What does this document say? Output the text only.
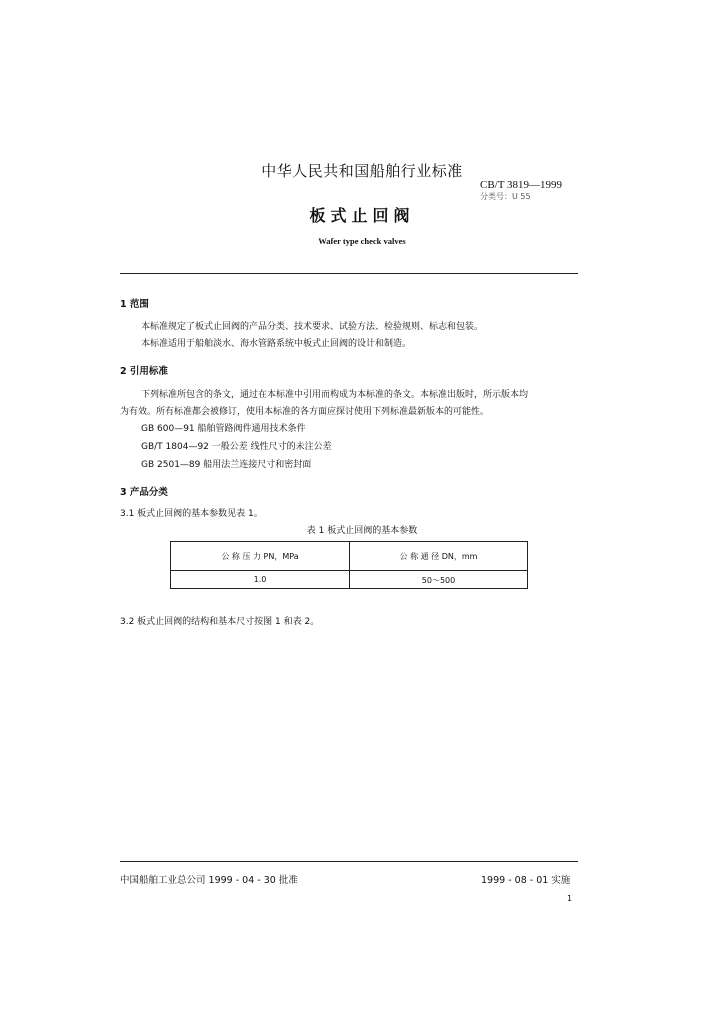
中华人民共和国船舶行业标准
CB/T 3819—1999
分类号：U 55
板式止回阀
Wafer type check valves
1 范围
本标准规定了板式止回阀的产品分类、技术要求、试验方法、检验规则、标志和包装。
本标准适用于船舶淡水、海水管路系统中板式止回阀的设计和制造。
2 引用标准
下列标准所包含的条文，通过在本标准中引用而构成为本标准的条文。本标准出版时，所示版本均
为有效。所有标准都会被修订，使用本标准的各方面应探讨使用下列标准最新版本的可能性。
GB 600—91 船舶管路阀件通用技术条件
GB/T 1804—92 一般公差 线性尺寸的未注公差
GB 2501—89 船用法兰连接尺寸和密封面
3 产品分类
3.1 板式止回阀的基本参数见表 1。
表 1 板式止回阀的基本参数
公 称 压 力 PN，MPa	公 称 通 径 DN，mm
1.0	50～500
3.2 板式止回阀的结构和基本尺寸按图 1 和表 2。
中国船舶工业总公司 1999 - 04 - 30 批准	1999 - 08 - 01 实施
1
